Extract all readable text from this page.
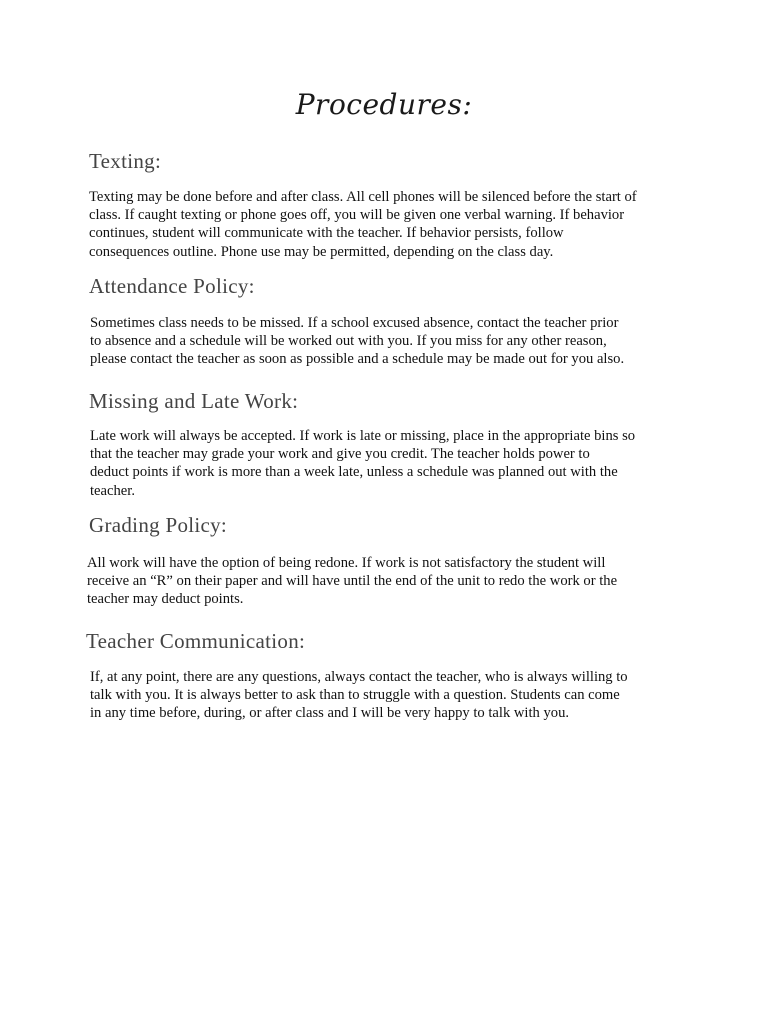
Procedures:
Texting:
Texting may be done before and after class. All cell phones will be silenced before the start of
class. If caught texting or phone goes off, you will be given one verbal warning. If behavior
continues, student will communicate with the teacher. If behavior persists, follow
consequences outline. Phone use may be permitted, depending on the class day.
Attendance Policy:
Sometimes class needs to be missed. If a school excused absence, contact the teacher prior
to absence and a schedule will be worked out with you. If you miss for any other reason,
please contact the teacher as soon as possible and a schedule may be made out for you also.
Missing and Late Work:
Late work will always be accepted. If work is late or missing, place in the appropriate bins so
that the teacher may grade your work and give you credit. The teacher holds power to
deduct points if work is more than a week late, unless a schedule was planned out with the
teacher.
Grading Policy:
All work will have the option of being redone. If work is not satisfactory the student will
receive an “R” on their paper and will have until the end of the unit to redo the work or the
teacher may deduct points.
Teacher Communication:
If, at any point, there are any questions, always contact the teacher, who is always willing to
talk with you. It is always better to ask than to struggle with a question. Students can come
in any time before, during, or after class and I will be very happy to talk with you.
